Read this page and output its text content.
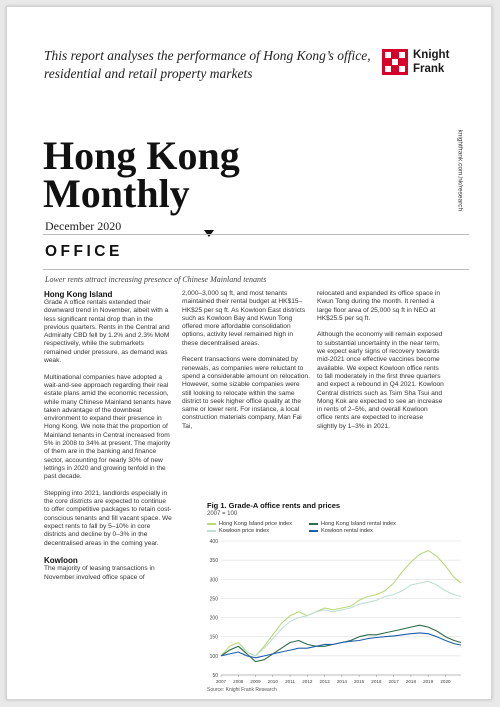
This report analyses the performance of Hong Kong’s office, residential and retail property markets
Knight
Frank
knightfrank.com.hk/research
Hong Kong
Monthly
December 2020
OFFICE
Lower rents attract increasing presence of Chinese Mainland tenants
Hong Kong Island

Grade A office rentals extended their downward trend in November, albeit with a less significant rental drop than in the previous quarters. Rents in the Central and Admiralty CBD fell by 1.2% and 2.3% MoM respectively, while the submarkets remained under pressure, as demand was weak.

Multinational companies have adopted a wait-and-see approach regarding their real estate plans amid the economic recession, while many Chinese Mainland tenants have taken advantage of the downbeat environment to expand their presence in Hong Kong. We note that the proportion of Mainland tenants in Central increased from 5% in 2008 to 34% at present. The majority of them are in the banking and finance sector, accounting for nearly 30% of new lettings in 2020 and growing tenfold in the past decade.

Stepping into 2021, landlords especially in the core districts are expected to continue to offer competitive packages to retain cost-conscious tenants and fill vacant space. We expect rents to fall by 5–10% in core districts and decline by 0–3% in the decentralised areas in the coming year.

Kowloon

The majority of leasing transactions in November involved office space of

2,000–3,000 sq ft, and most tenants maintained their rental budget at HK$15–HK$25 per sq ft. As Kowloon East districts such as Kowloon Bay and Kwun Tong offered more affordable consolidation options, activity level remained high in these decentralised areas.

Recent transactions were dominated by renewals, as companies were reluctant to spend a considerable amount on relocation. However, some sizable companies were still looking to relocate within the same district to seek higher office quality at the same or lower rent. For instance, a local construction materials company, Man Fai Tai,

relocated and expanded its office space in Kwun Tong during the month. It rented a large floor area of 25,000 sq ft in NEO at HK$25.5 per sq ft.

Although the economy will remain exposed to substantial uncertainty in the near term, we expect early signs of recovery towards mid-2021 once effective vaccines become available. We expect Kowloon office rents to fall moderately in the first three quarters and expect a rebound in Q4 2021. Kowloon Central districts such as Tsim Sha Tsui and Mong Kok are expected to see an increase in rents of 2–5%, and overall Kowloon office rents are expected to increase slightly by 1–3% in 2021.

Fig 1. Grade-A office rents and prices
2007 = 100
Hong Kong Island price index
Kowloon price index
Hong Kong Island rental index
Kowloon rental index
50
100
150
200
250
300
350
400
2007 2008 2009 2010 2011 2012 2013 2014 2015 2016 2017 2018 2019 2020
Source: Knight Frank Research
